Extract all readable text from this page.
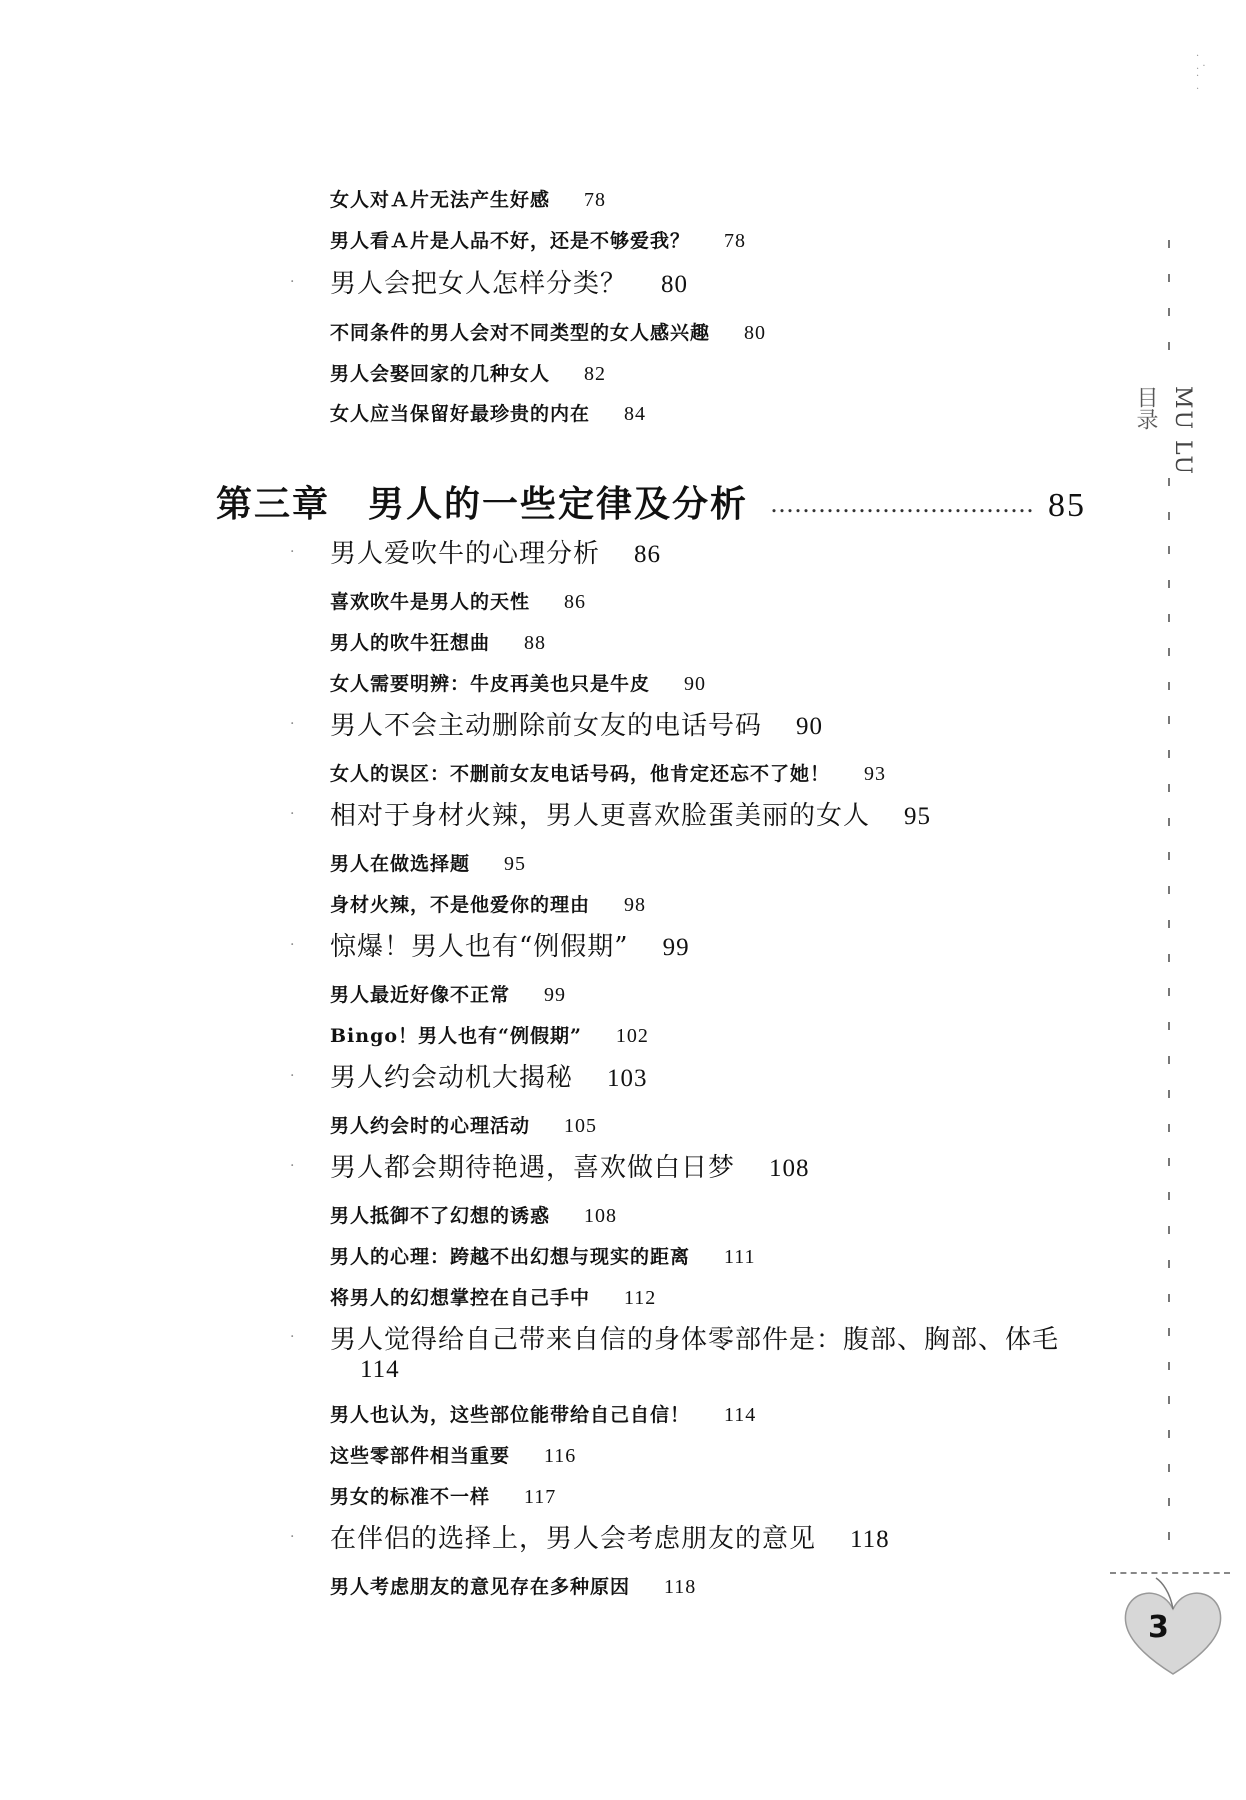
女人对Ａ片无法产生好感 78
男人看Ａ片是人品不好，还是不够爱我？ 78
· 男人会把女人怎样分类？ 80
不同条件的男人会对不同类型的女人感兴趣 80
男人会娶回家的几种女人 82
女人应当保留好最珍贵的内在 84
第三章　男人的一些定律及分析 …………………………… 85
· 男人爱吹牛的心理分析 86
喜欢吹牛是男人的天性 86
男人的吹牛狂想曲 88
女人需要明辨：牛皮再美也只是牛皮 90
· 男人不会主动删除前女友的电话号码 90
女人的误区：不删前女友电话号码，他肯定还忘不了她！ 93
· 相对于身材火辣，男人更喜欢脸蛋美丽的女人 95
男人在做选择题 95
身材火辣，不是他爱你的理由 98
· 惊爆！男人也有“例假期” 99
男人最近好像不正常 99
Bingo！男人也有“例假期” 102
· 男人约会动机大揭秘 103
男人约会时的心理活动 105
· 男人都会期待艳遇，喜欢做白日梦 108
男人抵御不了幻想的诱惑 108
男人的心理：跨越不出幻想与现实的距离 111
将男人的幻想掌控在自己手中 112
· 男人觉得给自己带来自信的身体零部件是：腹部、胸部、体毛114
男人也认为，这些部位能带给自己自信！ 114
这些零部件相当重要 116
男女的标准不一样 117
· 在伴侣的选择上，男人会考虑朋友的意见 118
男人考虑朋友的意见存在多种原因 118
·
. ·
·
.
目录 MU LU
3
